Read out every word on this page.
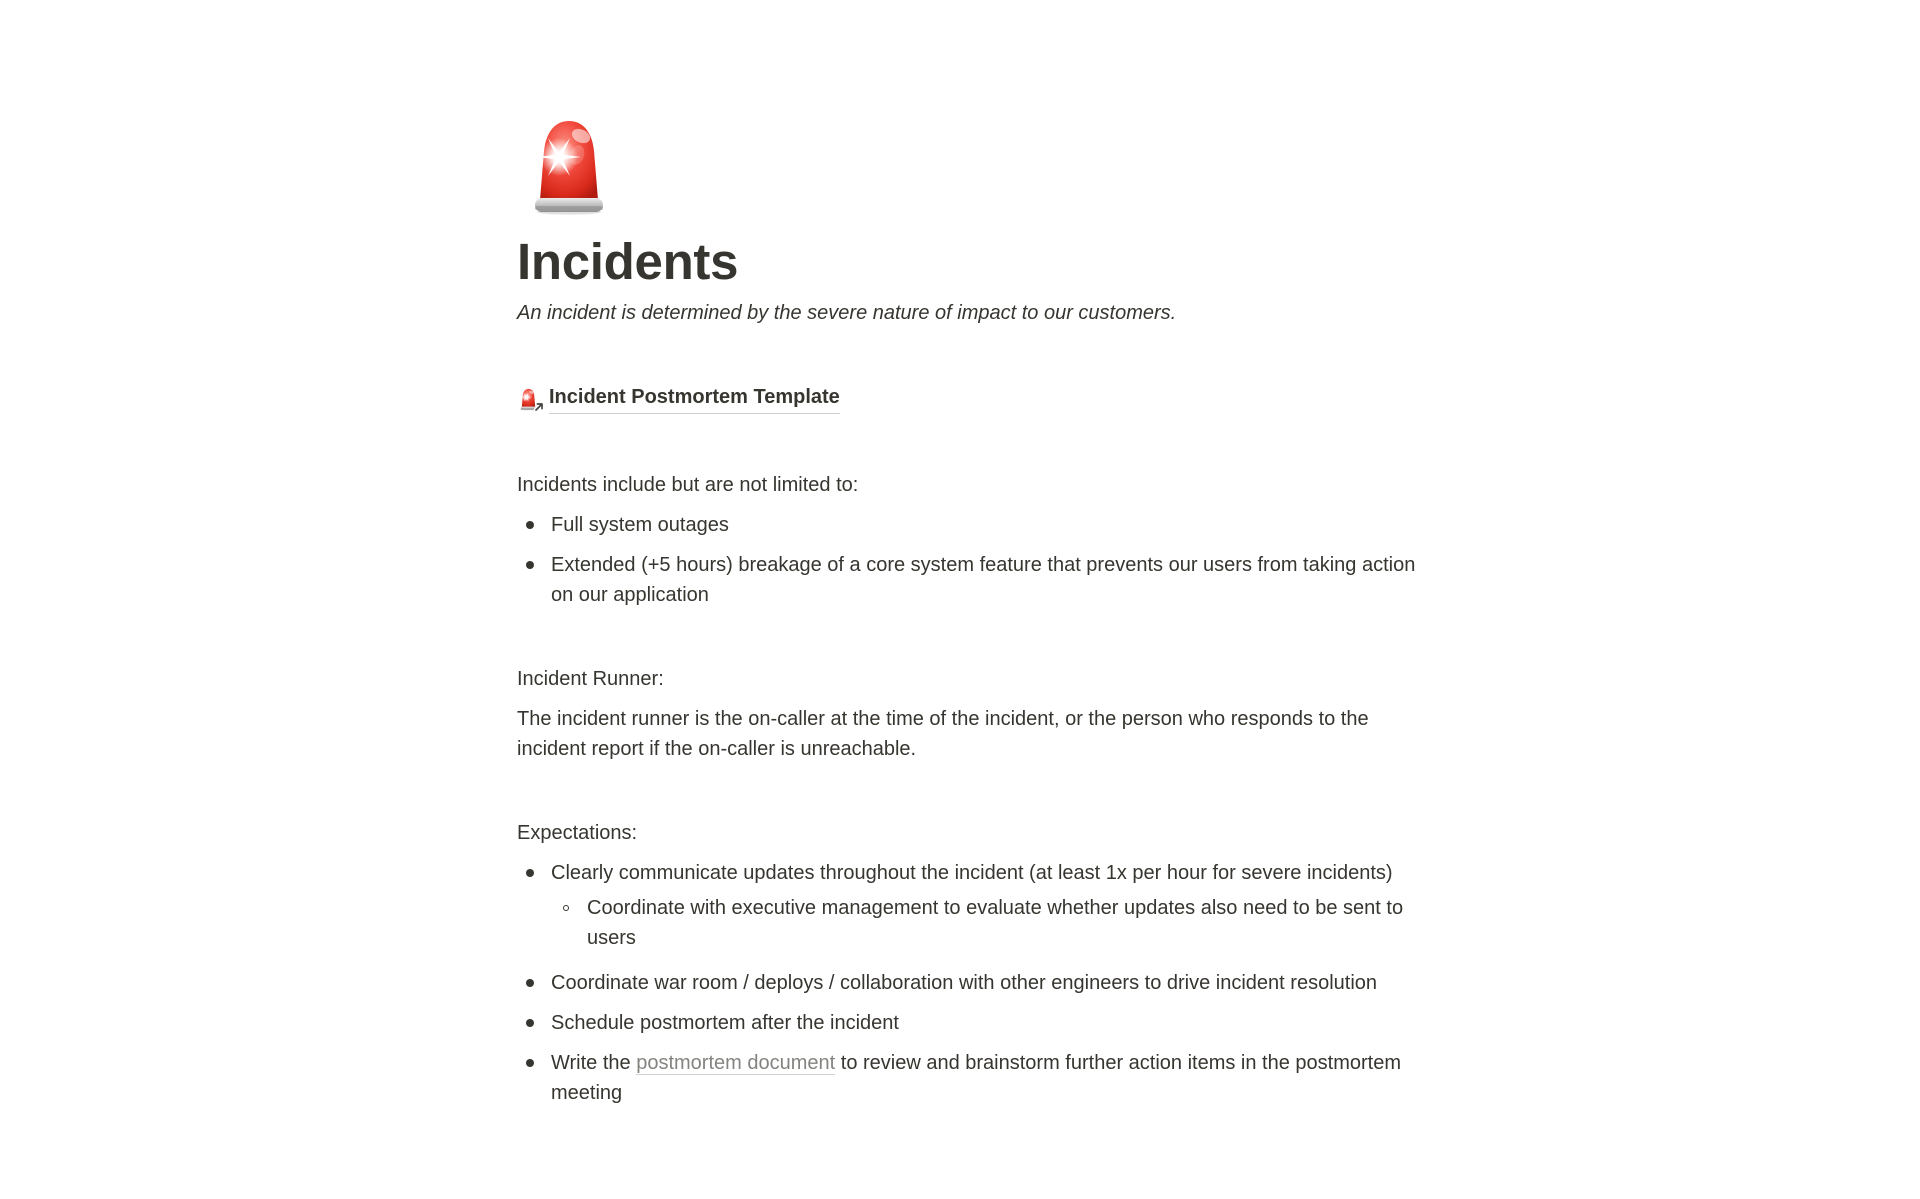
Incidents

An incident is determined by the severe nature of impact to our customers.

Incident Postmortem Template

Incidents include but are not limited to:

Full system outages
Extended (+5 hours) breakage of a core system feature that prevents our users from taking action on our application

Incident Runner:

The incident runner is the on-caller at the time of the incident, or the person who responds to the incident report if the on-caller is unreachable.

Expectations:

Clearly communicate updates throughout the incident (at least 1x per hour for severe incidents)
Coordinate with executive management to evaluate whether updates also need to be sent to users
Coordinate war room / deploys / collaboration with other engineers to drive incident resolution
Schedule postmortem after the incident
Write the postmortem document to review and brainstorm further action items in the postmortem meeting
